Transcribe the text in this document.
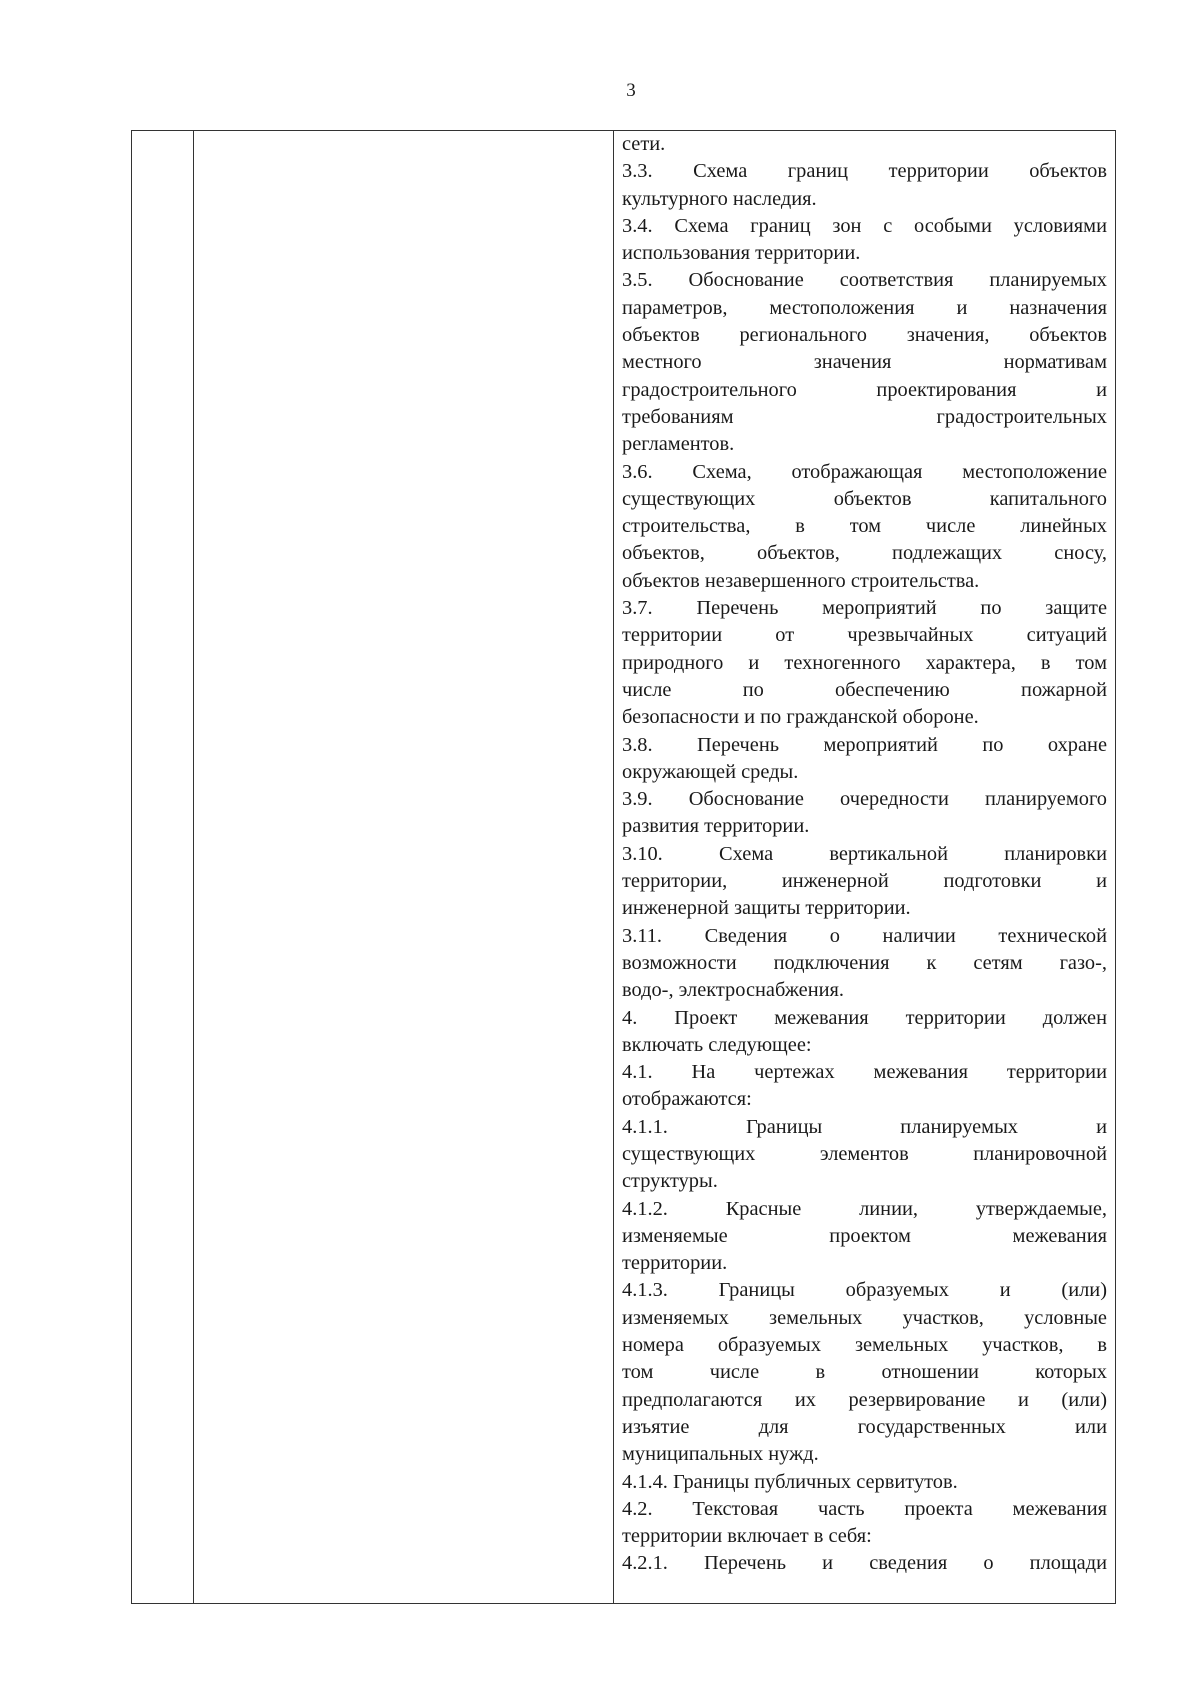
3

сети.

3.3. Схема границ территории объектов

культурного наследия.

3.4. Схема границ зон с особыми условиями

использования территории.

3.5. Обоснование соответствия планируемых

параметров, местоположения и назначения

объектов регионального значения, объектов

местного значения нормативам

градостроительного проектирования и

требованиям градостроительных

регламентов.

3.6. Схема, отображающая местоположение

существующих объектов капитального

строительства, в том числе линейных

объектов, объектов, подлежащих сносу,

объектов незавершенного строительства.

3.7. Перечень мероприятий по защите

территории от чрезвычайных ситуаций

природного и техногенного характера, в том

числе по обеспечению пожарной

безопасности и по гражданской обороне.

3.8. Перечень мероприятий по охране

окружающей среды.

3.9. Обоснование очередности планируемого

развития территории.

3.10. Схема вертикальной планировки

территории, инженерной подготовки и

инженерной защиты территории.

3.11. Сведения о наличии технической

возможности подключения к сетям газо-,

водо-, электроснабжения.

4. Проект межевания территории должен

включать следующее:

4.1. На чертежах межевания территории

отображаются:

4.1.1. Границы планируемых и

существующих элементов планировочной

структуры.

4.1.2. Красные линии, утверждаемые,

изменяемые проектом межевания

территории.

4.1.3. Границы образуемых и (или)

изменяемых земельных участков, условные

номера образуемых земельных участков, в

том числе в отношении которых

предполагаются их резервирование и (или)

изъятие для государственных или

муниципальных нужд.

4.1.4. Границы публичных сервитутов.

4.2. Текстовая часть проекта межевания

территории включает в себя:

4.2.1. Перечень и сведения о площади
